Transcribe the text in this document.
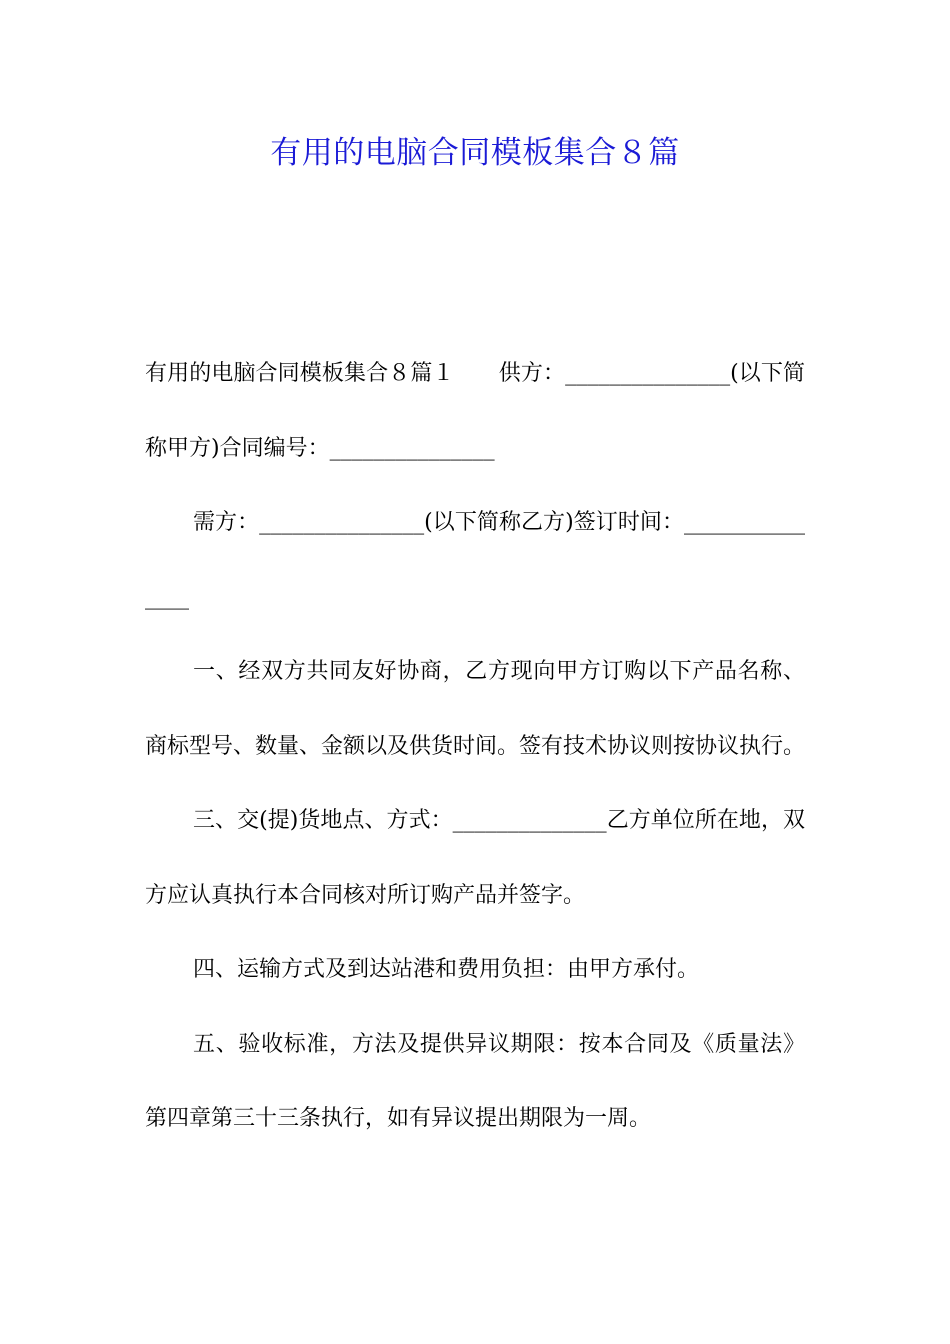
有用的电脑合同模板集合８篇

有用的电脑合同模板集合８篇１　　供方：_______________(以下简称甲方)合同编号：_______________

需方：_______________(以下简称乙方)签订时间：_______________

一、经双方共同友好协商，乙方现向甲方订购以下产品名称、商标型号、数量、金额以及供货时间。签有技术协议则按协议执行。

三、交(提)货地点、方式：______________乙方单位所在地，双方应认真执行本合同核对所订购产品并签字。

四、运输方式及到达站港和费用负担：由甲方承付。

五、验收标准，方法及提供异议期限：按本合同及《质量法》第四章第三十三条执行，如有异议提出期限为一周。
